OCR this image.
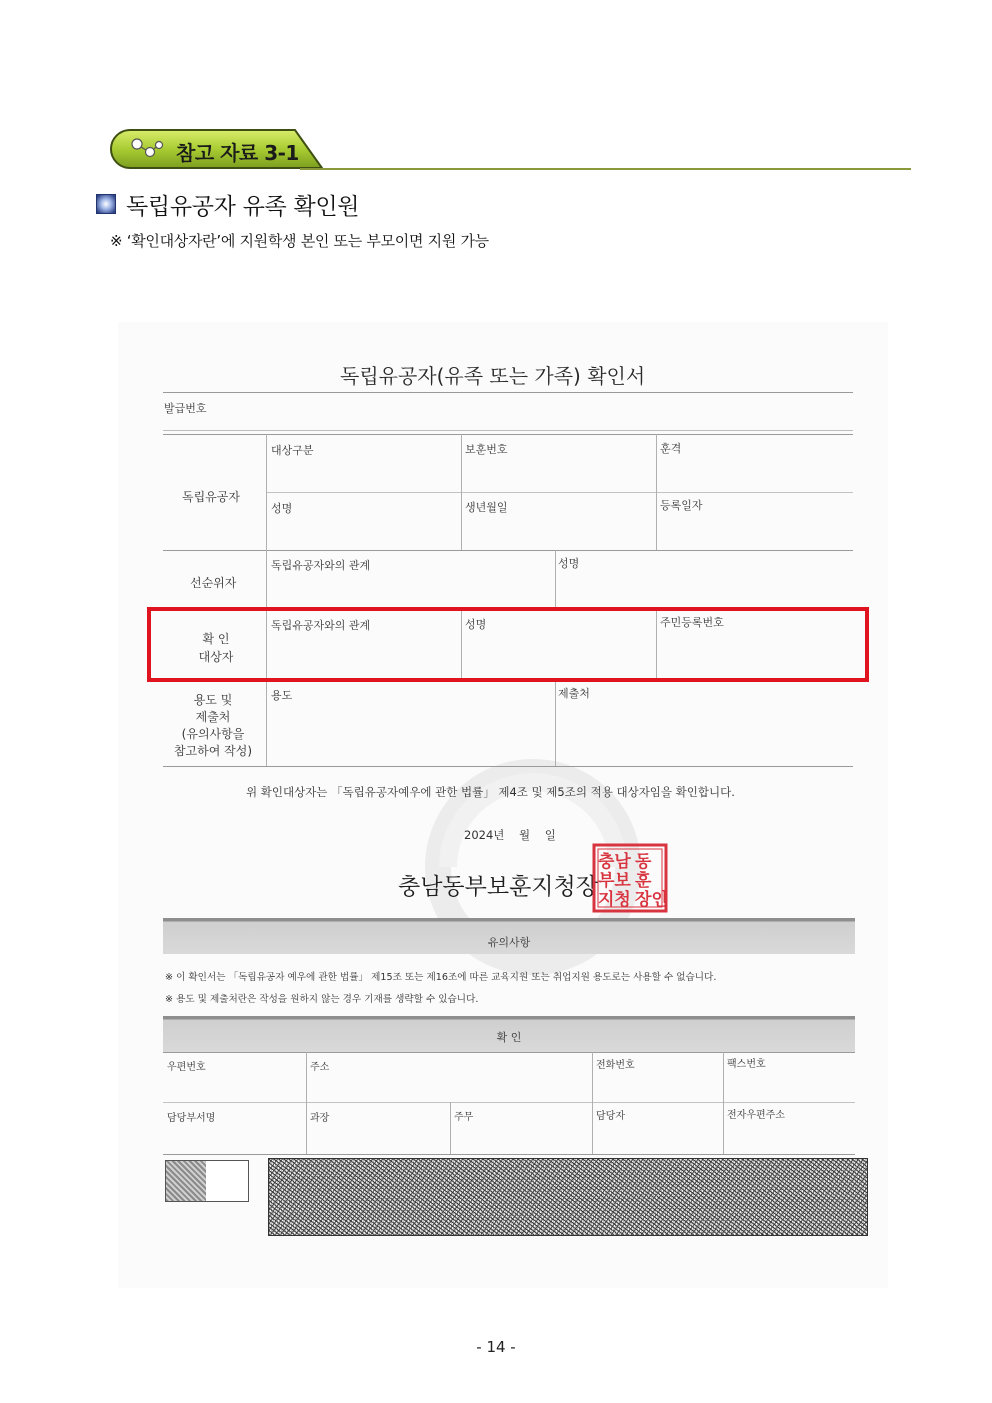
참고 자료 3-1
독립유공자 유족 확인원
※ ‘확인대상자란’에 지원학생 본인 또는 부모이면 지원 가능
독립유공자(유족 또는 가족) 확인서
발급번호
독립유공자
대상구분	보훈번호	훈격
성명	생년월일	등록일자
선순위자
독립유공자와의 관계	성명
확 인
대상자
독립유공자와의 관계	성명	주민등록번호
용도 및
제출처
(유의사항을
참고하여 작성)
용도	제출처
위 확인대상자는 「독립유공자예우에 관한 법률」 제4조 및 제5조의 적용 대상자임을 확인합니다.
2024년    월    일
충남동부보훈지청장
유의사항
※ 이 확인서는 「독립유공자 예우에 관한 법률」 제15조 또는 제16조에 따른 교육지원 또는 취업지원 용도로는 사용할 수 없습니다.
※ 용도 및 제출처란은 작성을 원하지 않는 경우 기재를 생략할 수 있습니다.
확 인
우편번호	주소	전화번호	팩스번호
담당부서명	과장	주무	담당자	전자우편주소
충남 동
부보 훈
지청 장인
- 14 -
